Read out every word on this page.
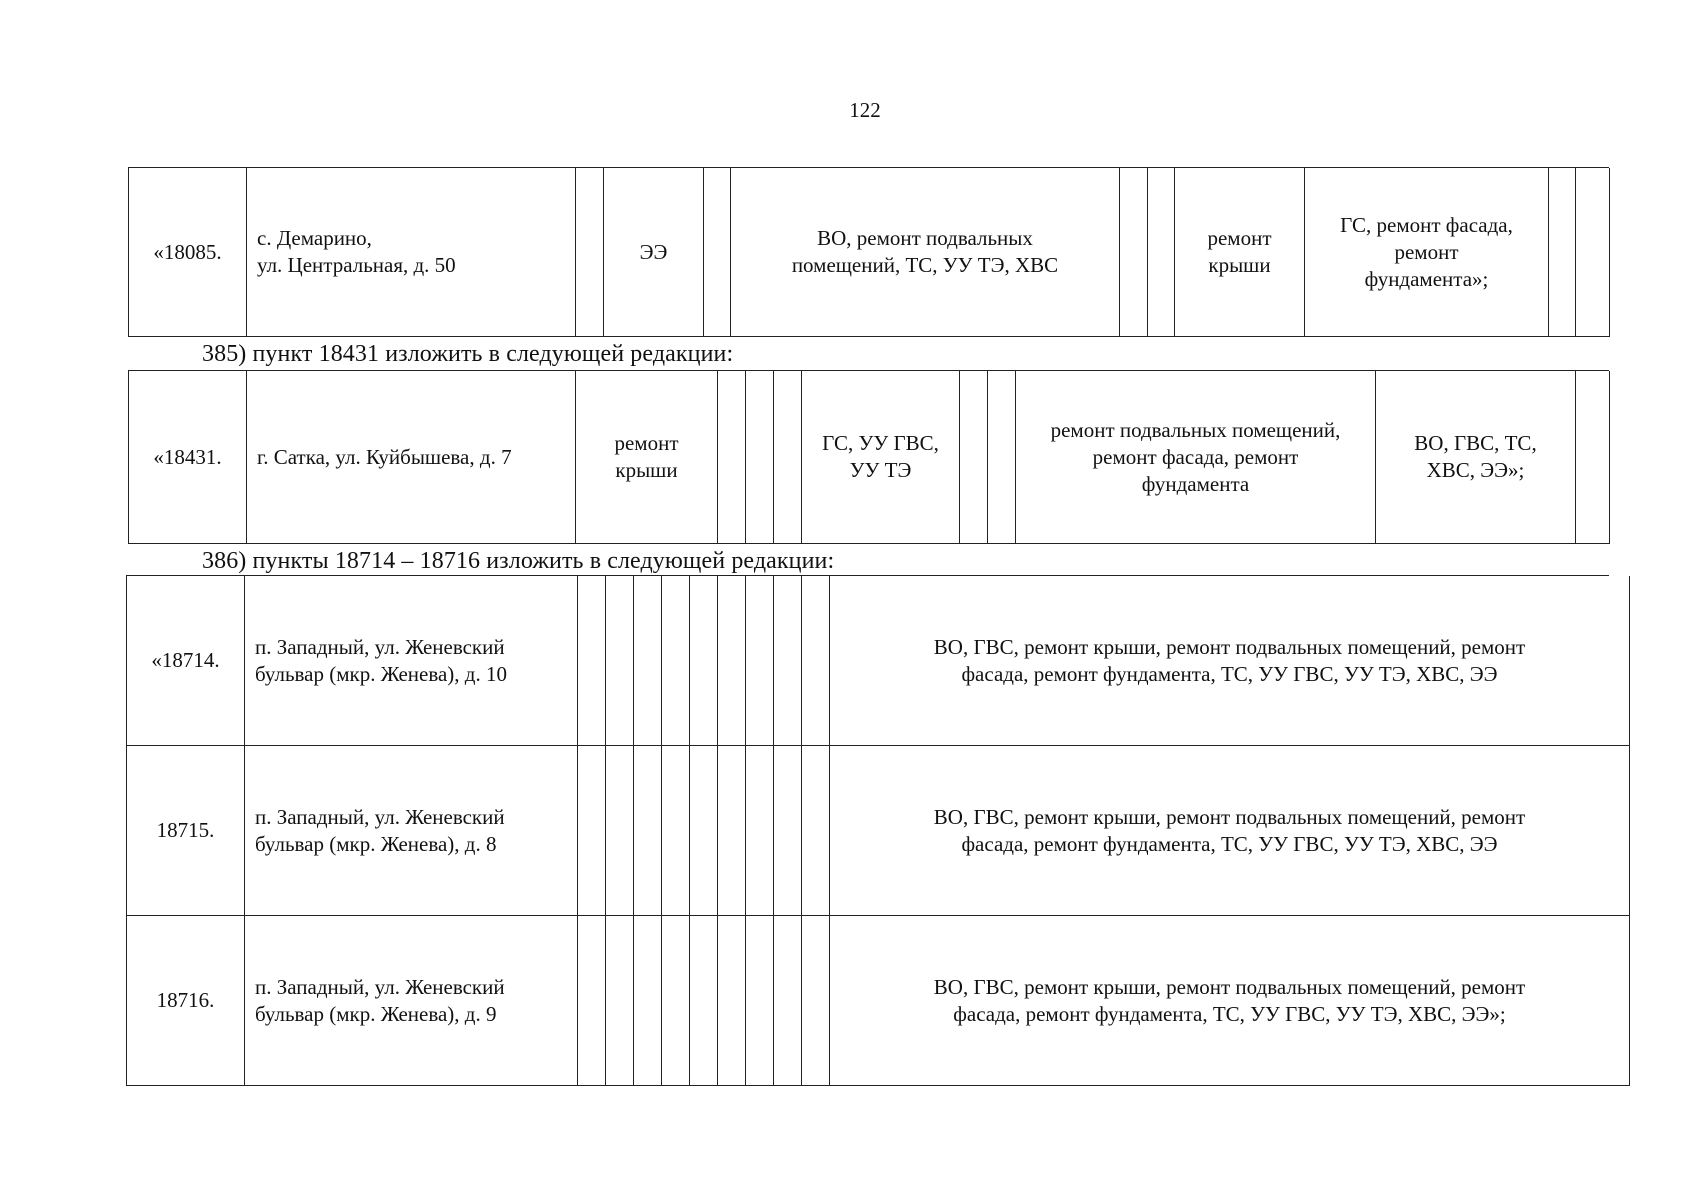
122
«18085.
с. Демарино,
ул. Центральная, д. 50
ЭЭ
ВО, ремонт подвальных
помещений, ТС, УУ ТЭ, ХВС
ремонт
крыши
ГС, ремонт фасада,
ремонт
фундамента»;
385) пункт 18431 изложить в следующей редакции:
«18431.	г. Сатка, ул. Куйбышева, д. 7
ремонт
крыши
ГС, УУ ГВС,
УУ ТЭ
ремонт подвальных помещений,
ремонт фасада, ремонт
фундамента
ВО, ГВС, ТС,
ХВС, ЭЭ»;
386) пункты 18714 – 18716 изложить в следующей редакции:
«18714.
п. Западный, ул. Женевский
бульвар (мкр. Женева), д. 10
ВО, ГВС, ремонт крыши, ремонт подвальных помещений, ремонт
фасада, ремонт фундамента, ТС, УУ ГВС, УУ ТЭ, ХВС, ЭЭ
18715.
п. Западный, ул. Женевский
бульвар (мкр. Женева), д. 8
ВО, ГВС, ремонт крыши, ремонт подвальных помещений, ремонт
фасада, ремонт фундамента, ТС, УУ ГВС, УУ ТЭ, ХВС, ЭЭ
18716.
п. Западный, ул. Женевский
бульвар (мкр. Женева), д. 9
ВО, ГВС, ремонт крыши, ремонт подвальных помещений, ремонт
фасада, ремонт фундамента, ТС, УУ ГВС, УУ ТЭ, ХВС, ЭЭ»;
